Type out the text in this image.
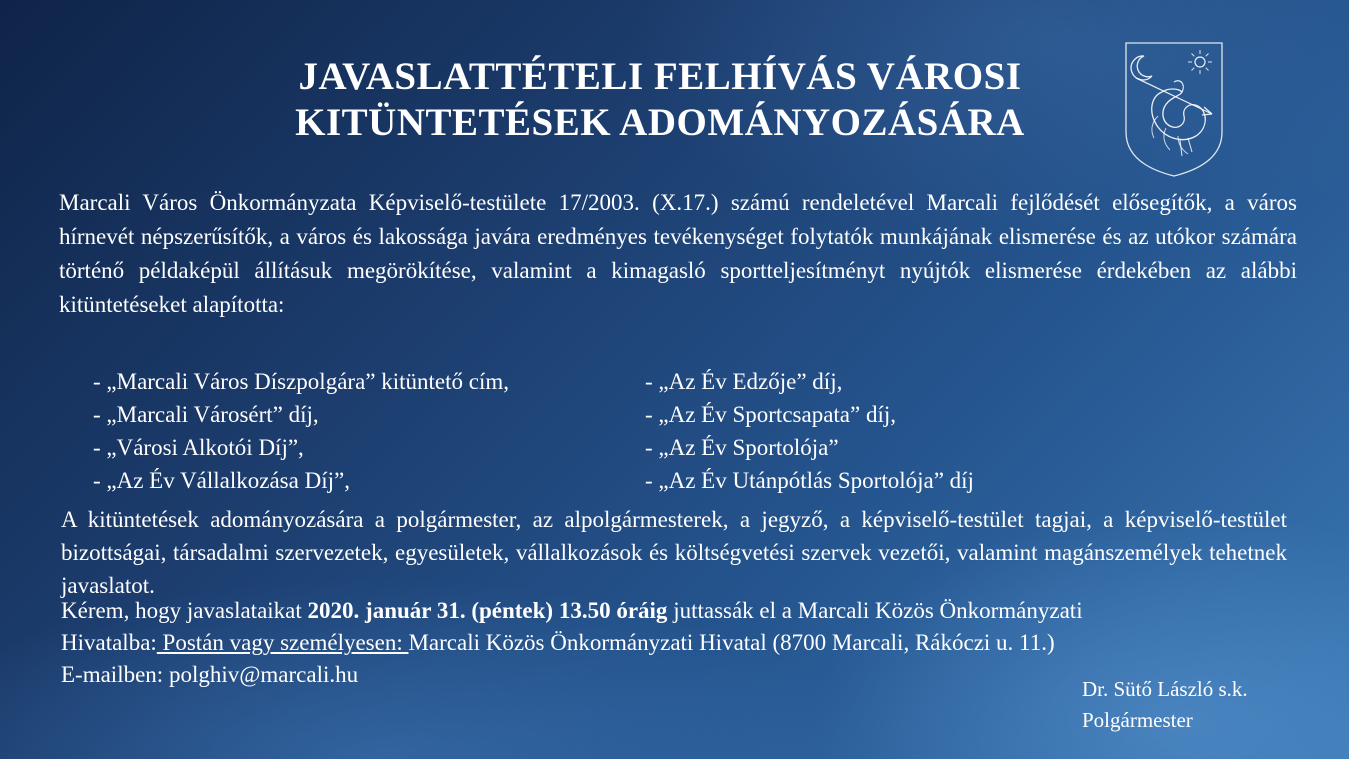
JAVASLATTÉTELI FELHÍVÁS VÁROSI
KITÜNTETÉSEK ADOMÁNYOZÁSÁRA

Marcali Város Önkormányzata Képviselő-testülete 17/2003. (X.17.) számú rendeletével Marcali fejlődését elősegítők, a város hírnevét népszerűsítők, a város és lakossága javára eredményes tevékenységet folytatók munkájának elismerése és az utókor számára történő példaképül állításuk megörökítése, valamint a kimagasló sportteljesítményt nyújtók elismerése érdekében az alábbi kitüntetéseket alapította:

- „Marcali Város Díszpolgára” kitüntető cím,
- „Marcali Városért” díj,
- „Városi Alkotói Díj”,
- „Az Év Vállalkozása Díj”,
- „Az Év Edzője” díj,
- „Az Év Sportcsapata” díj,
- „Az Év Sportolója”
- „Az Év Utánpótlás Sportolója” díj

A kitüntetések adományozására a polgármester, az alpolgármesterek, a jegyző, a képviselő-testület tagjai, a képviselő-testület bizottságai, társadalmi szervezetek, egyesületek, vállalkozások és költségvetési szervek vezetői, valamint magánszemélyek tehetnek javaslatot.

Kérem, hogy javaslataikat 2020. január 31. (péntek) 13.50 óráig juttassák el a Marcali Közös Önkormányzati
Hivatalba: Postán vagy személyesen: Marcali Közös Önkormányzati Hivatal (8700 Marcali, Rákóczi u. 11.)
E-mailben: polghiv@marcali.hu
Dr. Sütő László s.k.
Polgármester
